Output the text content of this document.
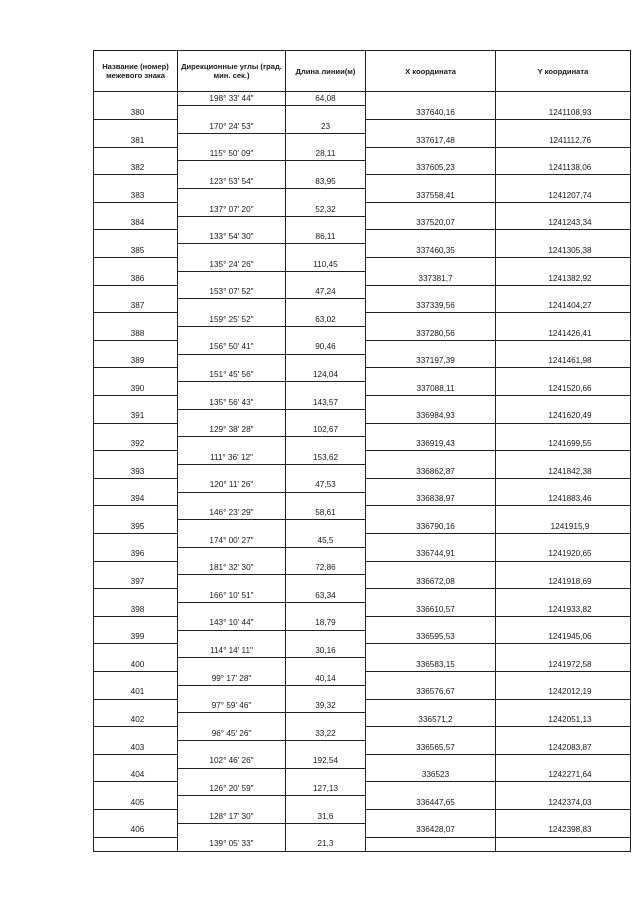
Название (номер) межевого знака	Дирекционные углы (град. мин. сек.)	Длина линии(м)	X координата	Y координата
	198° 33' 44"	64,08		
380			337640,16	1241108,93
	170° 24' 53"	23		
381			337617,48	1241112,76
	115° 50' 09"	28,11		
382			337605,23	1241138,06
	123° 53' 54"	83,95		
383			337558,41	1241207,74
	137° 07' 20"	52,32		
384			337520,07	1241243,34
	133° 54' 30"	86,11		
385			337460,35	1241305,38
	135° 24' 26"	110,45		
386			337381,7	1241382,92
	153° 07' 52"	47,24		
387			337339,56	1241404,27
	159° 25' 52"	63,02		
388			337280,56	1241426,41
	156° 50' 41"	90,46		
389			337197,39	1241461,98
	151° 45' 56"	124,04		
390			337088,11	1241520,66
	135° 56' 43"	143,57		
391			336984,93	1241620,49
	129° 38' 28"	102,67		
392			336919,43	1241699,55
	111° 36' 12"	153,62		
393			336862,87	1241842,38
	120° 11' 26"	47,53		
394			336838,97	1241883,46
	146° 23' 29"	58,61		
395			336790,16	1241915,9
	174° 00' 27"	45,5		
396			336744,91	1241920,65
	181° 32' 30"	72,86		
397			336672,08	1241918,69
	166° 10' 51"	63,34		
398			336610,57	1241933,82
	143° 10' 44"	18,79		
399			336595,53	1241945,06
	114° 14' 11"	30,16		
400			336583,15	1241972,58
	99° 17' 28"	40,14		
401			336576,67	1242012,19
	97° 59' 46"	39,32		
402			336571,2	1242051,13
	96° 45' 26"	33,22		
403			336565,57	1242083,87
	102° 46' 26"	192,54		
404			336523	1242271,64
	126° 20' 59"	127,13		
405			336447,65	1242374,03
	128° 17' 30"	31,6		
406			336428,07	1242398,83
	139° 05' 33"	21,3		
